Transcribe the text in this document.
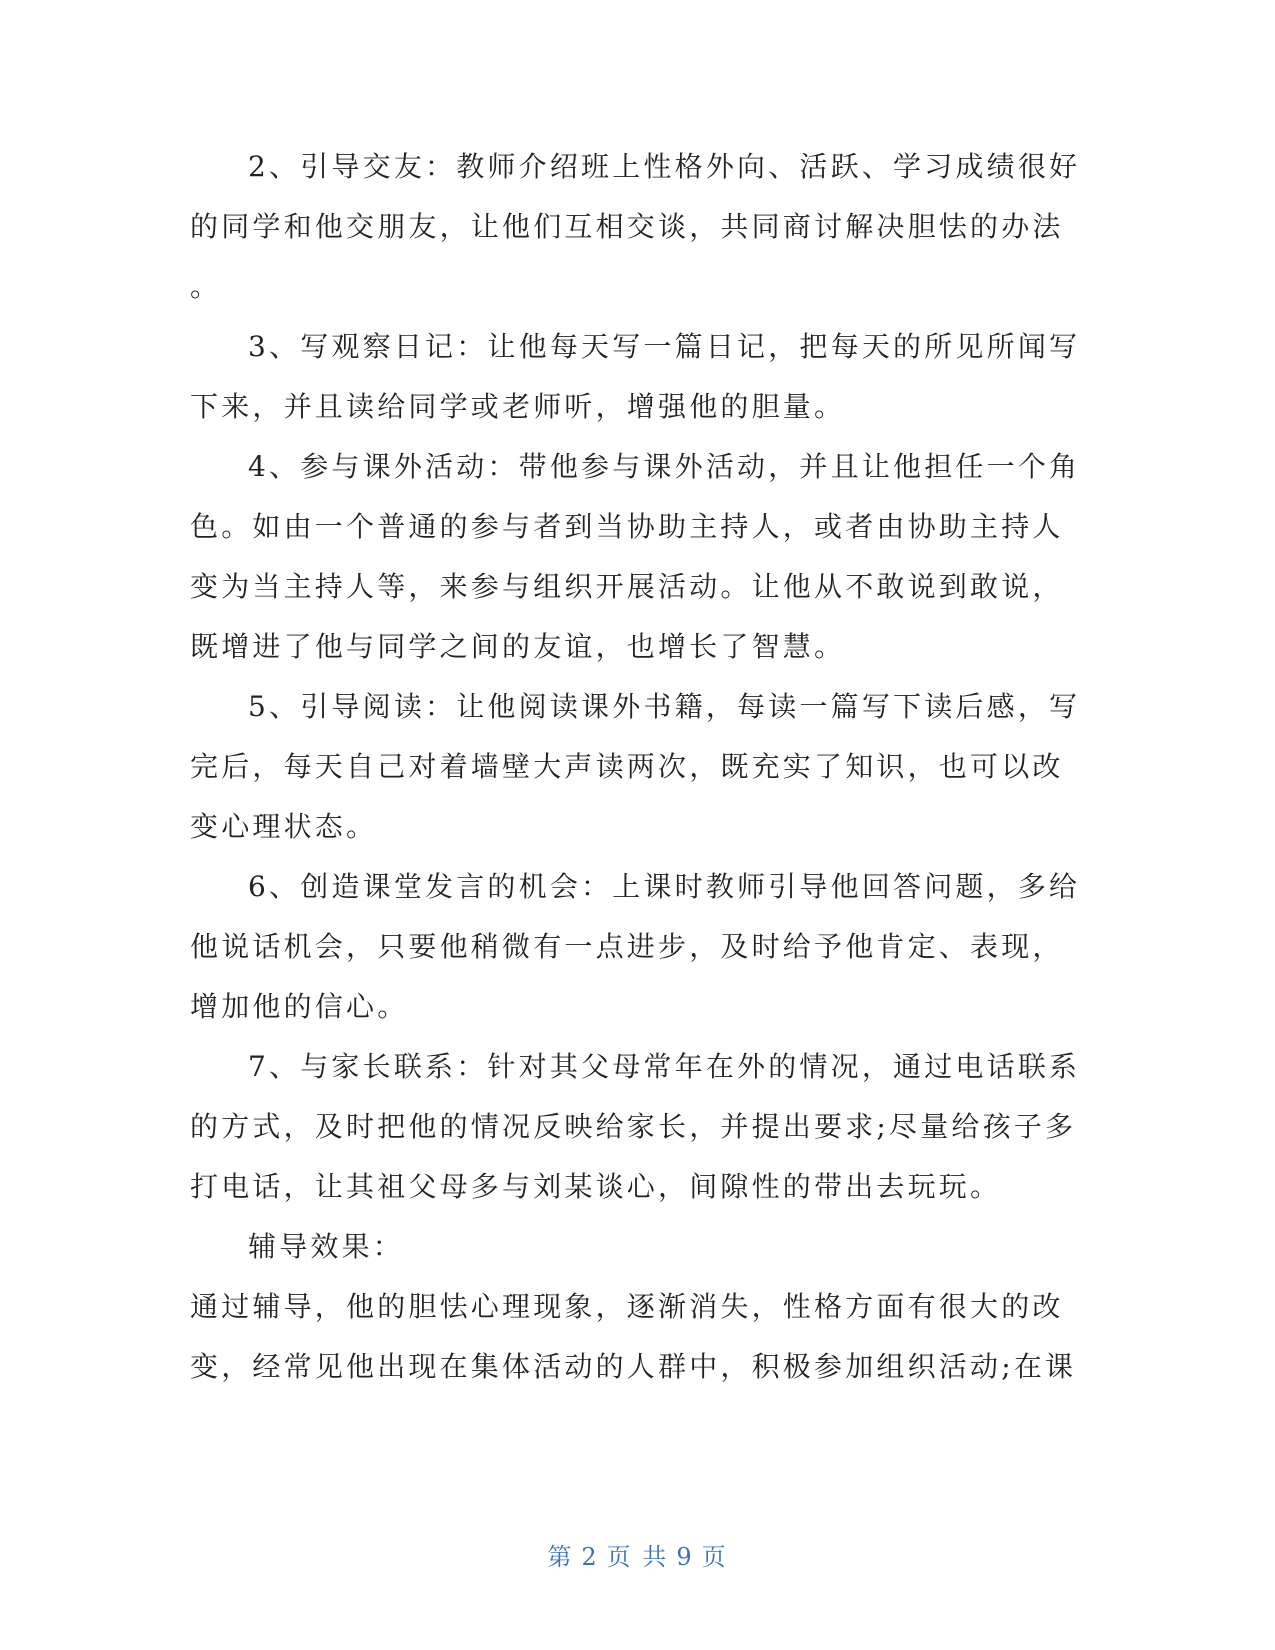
2、引导交友：教师介绍班上性格外向、活跃、学习成绩很好
的同学和他交朋友，让他们互相交谈，共同商讨解决胆怯的办法
。
3、写观察日记：让他每天写一篇日记，把每天的所见所闻写
下来，并且读给同学或老师听，增强他的胆量。
4、参与课外活动：带他参与课外活动，并且让他担任一个角
色。如由一个普通的参与者到当协助主持人，或者由协助主持人
变为当主持人等，来参与组织开展活动。让他从不敢说到敢说，
既增进了他与同学之间的友谊，也增长了智慧。
5、引导阅读：让他阅读课外书籍，每读一篇写下读后感，写
完后，每天自己对着墙壁大声读两次，既充实了知识，也可以改
变心理状态。
6、创造课堂发言的机会：上课时教师引导他回答问题，多给
他说话机会，只要他稍微有一点进步，及时给予他肯定、表现，
增加他的信心。
7、与家长联系：针对其父母常年在外的情况，通过电话联系
的方式，及时把他的情况反映给家长，并提出要求;尽量给孩子多
打电话，让其祖父母多与刘某谈心，间隙性的带出去玩玩。
辅导效果：
通过辅导，他的胆怯心理现象，逐渐消失，性格方面有很大的改
变，经常见他出现在集体活动的人群中，积极参加组织活动;在课
第 2 页 共 9 页
